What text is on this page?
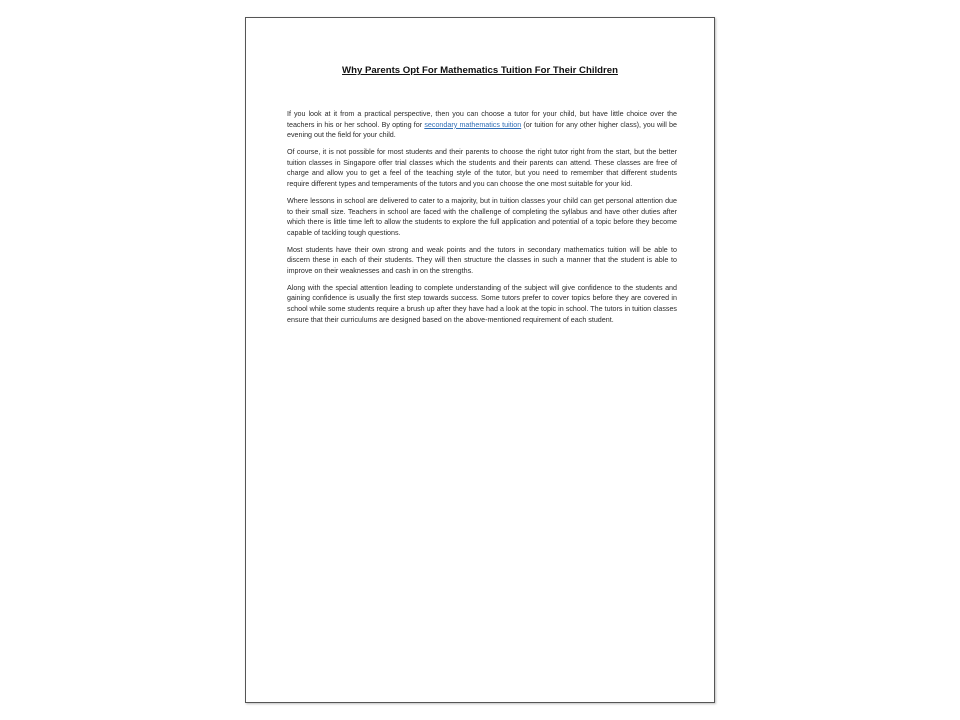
Why Parents Opt For Mathematics Tuition For Their Children

If you look at it from a practical perspective, then you can choose a tutor for your child, but have little choice over the teachers in his or her school. By opting for secondary mathematics tuition (or tuition for any other higher class), you will be evening out the field for your child.

Of course, it is not possible for most students and their parents to choose the right tutor right from the start, but the better tuition classes in Singapore offer trial classes which the students and their parents can attend. These classes are free of charge and allow you to get a feel of the teaching style of the tutor, but you need to remember that different students require different types and temperaments of the tutors and you can choose the one most suitable for your kid.

Where lessons in school are delivered to cater to a majority, but in tuition classes your child can get personal attention due to their small size. Teachers in school are faced with the challenge of completing the syllabus and have other duties after which there is little time left to allow the students to explore the full application and potential of a topic before they become capable of tackling tough questions.

Most students have their own strong and weak points and the tutors in secondary mathematics tuition will be able to discern these in each of their students. They will then structure the classes in such a manner that the student is able to improve on their weaknesses and cash in on the strengths.

Along with the special attention leading to complete understanding of the subject will give confidence to the students and gaining confidence is usually the first step towards success. Some tutors prefer to cover topics before they are covered in school while some students require a brush up after they have had a look at the topic in school. The tutors in tuition classes ensure that their curriculums are designed based on the above-mentioned requirement of each student.
